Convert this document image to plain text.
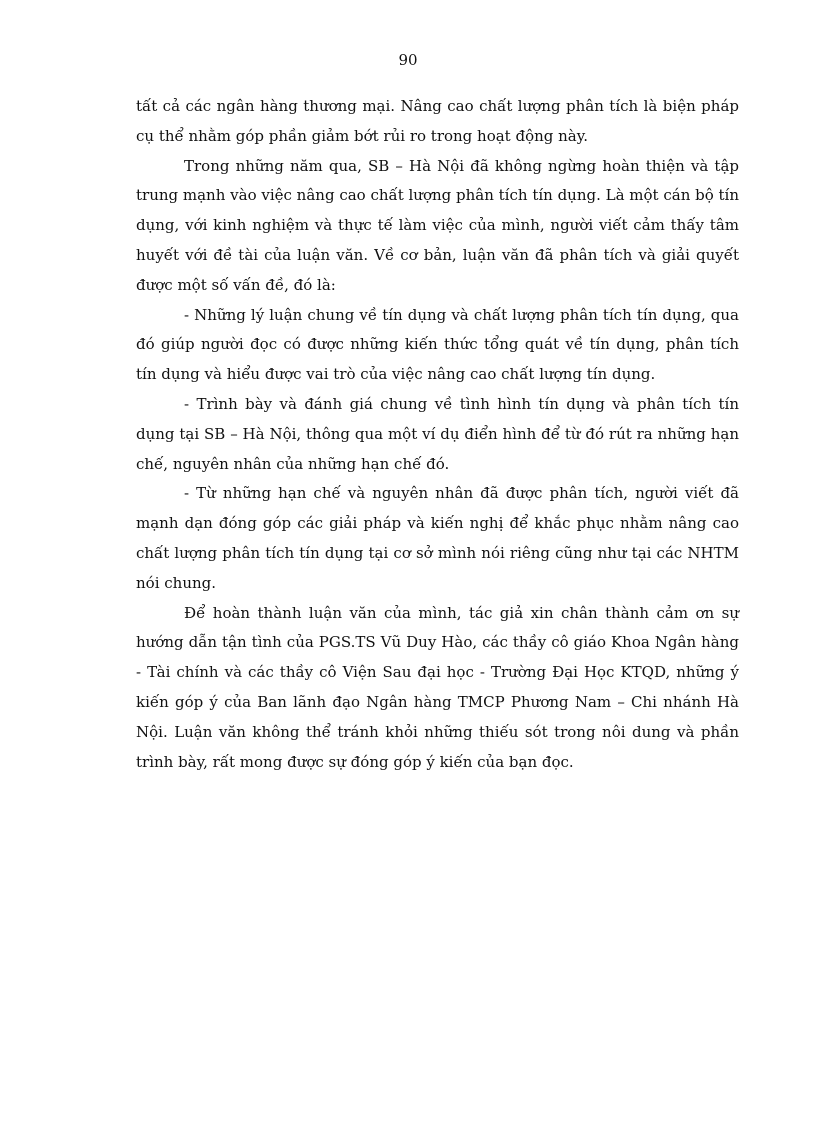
90

tất cả các ngân hàng thương mại. Nâng cao chất lượng phân tích là biện pháp cụ thể nhằm góp phần giảm bớt rủi ro trong hoạt động này.

Trong những năm qua, SB – Hà Nội đã không ngừng hoàn thiện và tập trung mạnh vào việc nâng cao chất lượng phân tích tín dụng. Là một cán bộ tín dụng, với kinh nghiệm và thực tế làm việc của mình, người viết cảm thấy tâm huyết với đề tài của luận văn. Về cơ bản, luận văn đã phân tích và giải quyết được một số vấn đề, đó là:

- Những lý luận chung về tín dụng và chất lượng phân tích tín dụng, qua đó giúp người đọc có được những kiến thức tổng quát về tín dụng, phân tích tín dụng và hiểu được vai trò của việc nâng cao chất lượng tín dụng.

- Trình bày và đánh giá chung về tình hình tín dụng và phân tích tín dụng tại SB – Hà Nội, thông qua một ví dụ điển hình để từ đó rút ra những hạn chế, nguyên nhân của những hạn chế đó.

- Từ những hạn chế và nguyên nhân đã được phân tích, người viết đã mạnh dạn đóng góp các giải pháp và kiến nghị để khắc phục nhằm nâng cao chất lượng phân tích tín dụng tại cơ sở mình nói riêng cũng như tại các NHTM nói chung.

Để hoàn thành luận văn của mình, tác giả xin chân thành cảm ơn sự hướng dẫn tận tình của PGS.TS Vũ Duy Hào, các thầy cô giáo Khoa Ngân hàng - Tài chính và các thầy cô Viện Sau đại học - Trường Đại Học KTQD, những ý kiến góp ý của Ban lãnh đạo Ngân hàng TMCP Phương Nam – Chi nhánh Hà Nội. Luận văn không thể tránh khỏi những thiếu sót trong nôi dung và phần trình bày, rất mong được sự đóng góp ý kiến của bạn đọc.
